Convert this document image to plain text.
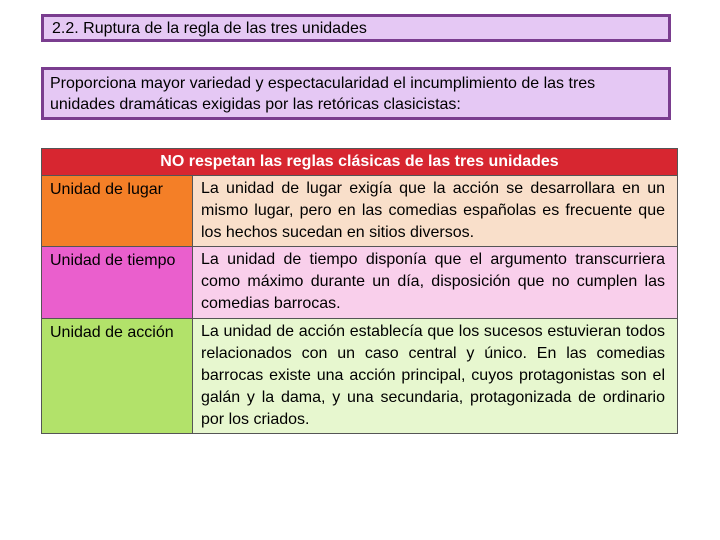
2.2. Ruptura de la regla de las tres unidades
Proporciona mayor variedad y espectacularidad el incumplimiento de las tres unidades dramáticas exigidas por las retóricas clasicistas:
NO respetan las reglas clásicas de las tres unidades	
Unidad de lugar	La unidad de lugar exigía que la acción se desarrollara en un mismo lugar, pero en las comedias españolas es frecuente que los hechos sucedan en sitios diversos.
Unidad de tiempo	La unidad de tiempo disponía que el argumento transcurriera como máximo durante un día, disposición que no cumplen las comedias barrocas.
Unidad de acción	La unidad de acción establecía que los sucesos estuvieran todos relacionados con un caso central y único. En las comedias barrocas existe una acción principal, cuyos protagonistas son el galán y la dama, y una secundaria, protagonizada de ordinario por los criados.
